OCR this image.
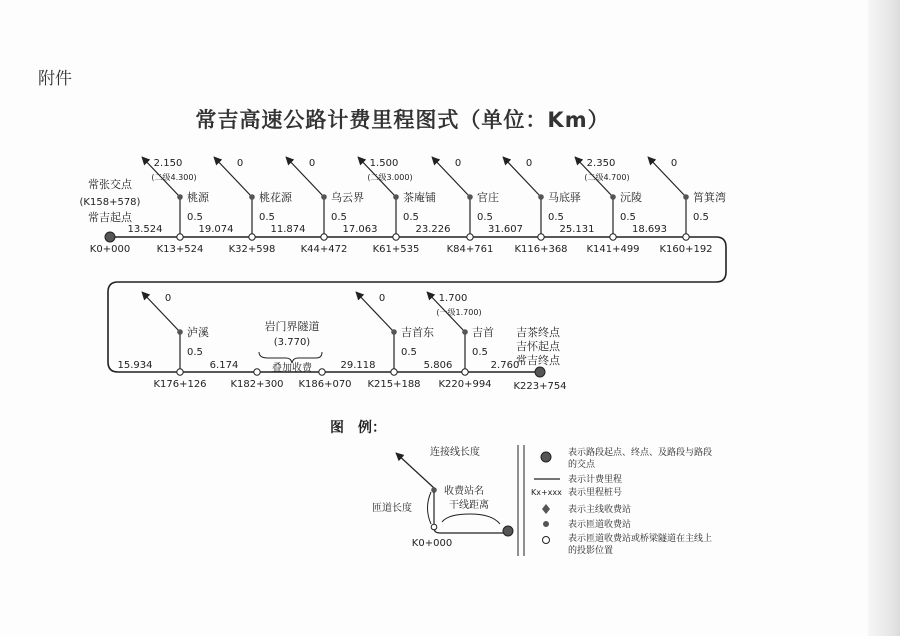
附件
常吉高速公路计费里程图式（单位：Km）
常张交点
(K158+578)
常吉起点
K0+000
2.150
(二级4.300)
桃源
0.5
K13+524
13.524
0
桃花源
0.5
K32+598
19.074
0
乌云界
0.5
K44+472
11.874
1.500
(二级3.000)
茶庵铺
0.5
K61+535
17.063
0
官庄
0.5
K84+761
23.226
0
马底驿
0.5
K116+368
31.607
2.350
(二级4.700)
沅陵
0.5
K141+499
25.131
0
筲箕湾
0.5
K160+192
18.693
0
泸溪
0.5
K176+126
0
吉首东
0.5
K215+188
1.700
(一级1.700)
吉首
0.5
K220+994
15.934	6.174	29.118	5.806	2.760
岩门界隧道
(3.770)
叠加收费
K182+300 K186+070
吉茶终点
吉怀起点
常吉终点
K223+754
图　例：
连接线长度
收费站名
匝道长度	干线距离
K0+000
表示路段起点、终点、及路段与路段
的交点
表示计费里程
Kx+xxx 表示里程桩号
表示主线收费站
表示匝道收费站
表示匝道收费站或桥梁隧道在主线上
的投影位置
